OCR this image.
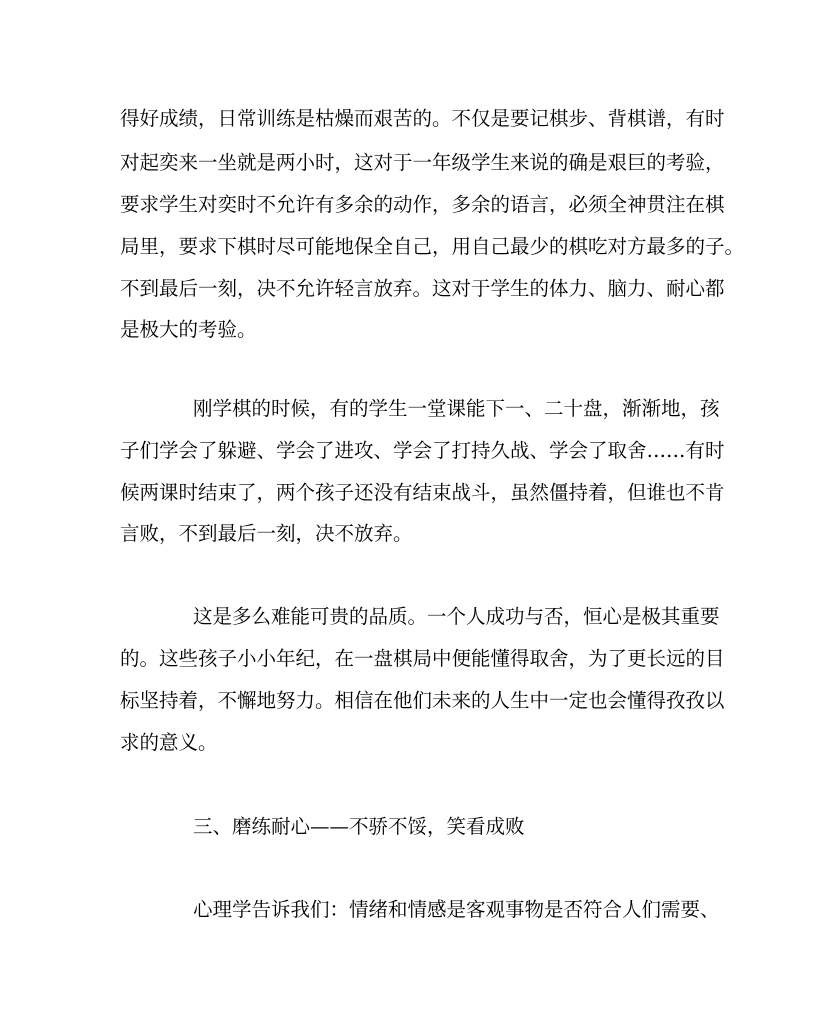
得好成绩，日常训练是枯燥而艰苦的。不仅是要记棋步、背棋谱，有时

对起奕来一坐就是两小时，这对于一年级学生来说的确是艰巨的考验，

要求学生对奕时不允许有多余的动作，多余的语言，必须全神贯注在棋

局里，要求下棋时尽可能地保全自己，用自己最少的棋吃对方最多的子。

不到最后一刻，决不允许轻言放弃。这对于学生的体力、脑力、耐心都

是极大的考验。

刚学棋的时候，有的学生一堂课能下一、二十盘，渐渐地，孩

子们学会了躲避、学会了进攻、学会了打持久战、学会了取舍……有时

候两课时结束了，两个孩子还没有结束战斗，虽然僵持着，但谁也不肯

言败，不到最后一刻，决不放弃。

这是多么难能可贵的品质。一个人成功与否，恒心是极其重要

的。这些孩子小小年纪，在一盘棋局中便能懂得取舍，为了更长远的目

标坚持着，不懈地努力。相信在他们未来的人生中一定也会懂得孜孜以

求的意义。

三、磨练耐心——不骄不馁，笑看成败

心理学告诉我们：情绪和情感是客观事物是否符合人们需要、
